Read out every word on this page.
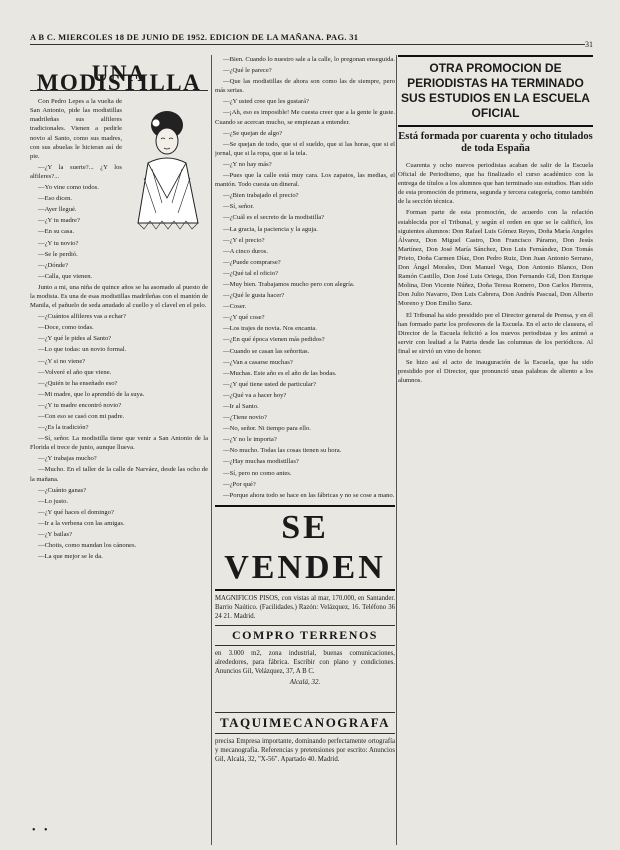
A B C. MIERCOLES 18 DE JUNIO DE 1952. EDICION DE LA MAÑANA. PAG. 31
31
UNA MODISTILLA

Con Pedro Lepes a la vuelta de San Antonio, pide las modistillas madrileñas sus alfileres tradicionales. Vienen a pedirle novio al Santo, como sus madres, con sus abuelas le hicieran así de pie.

—¿Y la suerte?... ¿Y los alfileres?...

—Yo vine como todos.

—Eso dicen.

—Ayer llegué.

—¿Y tu madre?

—En su casa.

—¿Y tu novio?

—Se le perdió.

—¿Dónde?

—Calla, que vienen.

Junto a mi, una niña de quince años se ha asomado al puesto de la modista. Es una de esas modistillas madrileñas con el mantón de Manila, el pañuelo de seda anudado al cuello y el clavel en el pelo.

—¿Cuántos alfileres vas a echar?

—Doce, como todas.

—¿Y qué le pides al Santo?

—Lo que todas: un novio formal.

—¿Y si no viene?

—Volveré el año que viene.

—¿Quién te ha enseñado eso?

—Mi madre, que lo aprendió de la suya.

—¿Y tu madre encontró novio?

—Con eso se casó con mi padre.

—¿Es la tradición?

—Sí, señor. La modistilla tiene que venir a San Antonio de la Florida el trece de junio, aunque llueva.

—¿Y trabajas mucho?

—Mucho. En el taller de la calle de Narváez, desde las ocho de la mañana.

—¿Cuánto ganas?

—Lo justo.

—¿Y qué haces el domingo?

—Ir a la verbena con las amigas.

—¿Y bailas?

—Chotis, como mandan los cánones.

—La que mejor se le da.

—Bien. Cuando lo nuestro sale a la calle, lo pregonan enseguida.

—¿Qué le parece?

—Que las modistillas de ahora son como las de siempre, pero más serias.

—¿Y usted cree que les gustará?

—¡Ah, eso es imposible! Me cuesta creer que a la gente le guste. Cuando se acercan mucho, se empiezan a entender.

—¿Se quejan de algo?

—Se quejan de todo, que si el sueldo, que si las horas, que si el jornal, que si la ropa, que si la tela.

—¿Y no hay más?

—Pues que la calle está muy cara. Los zapatos, las medias, el mantón. Todo cuesta un dineral.

—¿Bien trabajado el precio?

—Sí, señor.

—¿Cuál es el secreto de la modistilla?

—La gracia, la paciencia y la aguja.

—¿Y el precio?

—A cinco duros.

—¿Puede comprarse?

—¿Qué tal el oficio?

—Muy bien. Trabajamos mucho pero con alegría.

—¿Qué le gusta hacer?

—Coser.

—¿Y qué cose?

—Los trajes de novia. Nos encanta.

—¿En qué época vienen más pedidos?

—Cuando se casan las señoritas.

—¿Van a casarse muchas?

—Muchas. Este año es el año de las bodas.

—¿Y qué tiene usted de particular?

—¿Qué va a hacer hoy?

—Ir al Santo.

—¿Tiene novio?

—No, señor. Ni tiempo para ello.

—¿Y no le importa?

—No mucho. Todas las cosas tienen su hora.

—¿Hay muchas modistillas?

—Sí, pero no como antes.

—¿Por qué?

—Porque ahora todo se hace en las fábricas y no se cose a mano.

SE VENDEN

MAGNIFICOS PISOS, con vistas al mar, 170.000, en Santander. Barrio Naútico. (Facilidades.) Razón: Velázquez, 16. Teléfono 36 24 21. Madrid.

COMPRO TERRENOS

en 3.000 m2, zona industrial, buenas comunicaciones, alrededores, para fábrica. Escribir con plano y condiciones. Anuncios Gil, Velázquez, 37, A B C.

Alcalá, 32.

TAQUIMECANOGRAFA

precisa Empresa importante, dominando perfectamente ortografía y mecanografía. Referencias y pretensiones por escrito: Anuncios Gil, Alcalá, 32, "X-56". Apartado 40. Madrid.

OTRA PROMOCION DE PERIODISTAS HA TERMINADO SUS ESTUDIOS EN LA ESCUELA OFICIAL
Está formada por cuarenta y ocho titulados de toda España

Cuarenta y ocho nuevos periodistas acaban de salir de la Escuela Oficial de Periodismo, que ha finalizado el curso académico con la entrega de títulos a los alumnos que han terminado sus estudios. Han sido de esta promoción de primera, segunda y tercera categoría, como también de la sección técnica.

Forman parte de esta promoción, de acuerdo con la relación establecida por el Tribunal, y según el orden en que se le calificó, los siguientes alumnos: Don Rafael Luis Gómez Reyes, Doña María Angeles Álvarez, Don Miguel Castro, Don Francisco Páramo, Don Jesús Martínez, Don José María Sánchez, Don Luis Fernández, Don Tomás Prieto, Doña Carmen Díaz, Don Pedro Ruiz, Don Juan Antonio Serrano, Don Ángel Morales, Don Manuel Vega, Don Antonio Blanco, Don Ramón Castillo, Don José Luis Ortega, Don Fernando Gil, Don Enrique Molina, Don Vicente Núñez, Doña Teresa Romero, Don Carlos Herrera, Don Julio Navarro, Don Luis Cabrera, Don Andrés Pascual, Don Alberto Moreno y Don Emilio Sanz.

El Tribunal ha sido presidido por el Director general de Prensa, y en él han formado parte los profesores de la Escuela. En el acto de clausura, el Director de la Escuela felicitó a los nuevos periodistas y les animó a servir con lealtad a la Patria desde las columnas de los periódicos. Al final se sirvió un vino de honor.

Se hizo así el acto de inauguración de la Escuela, que ha sido presidido por el Director, que pronunció unas palabras de aliento a los alumnos.

• •
